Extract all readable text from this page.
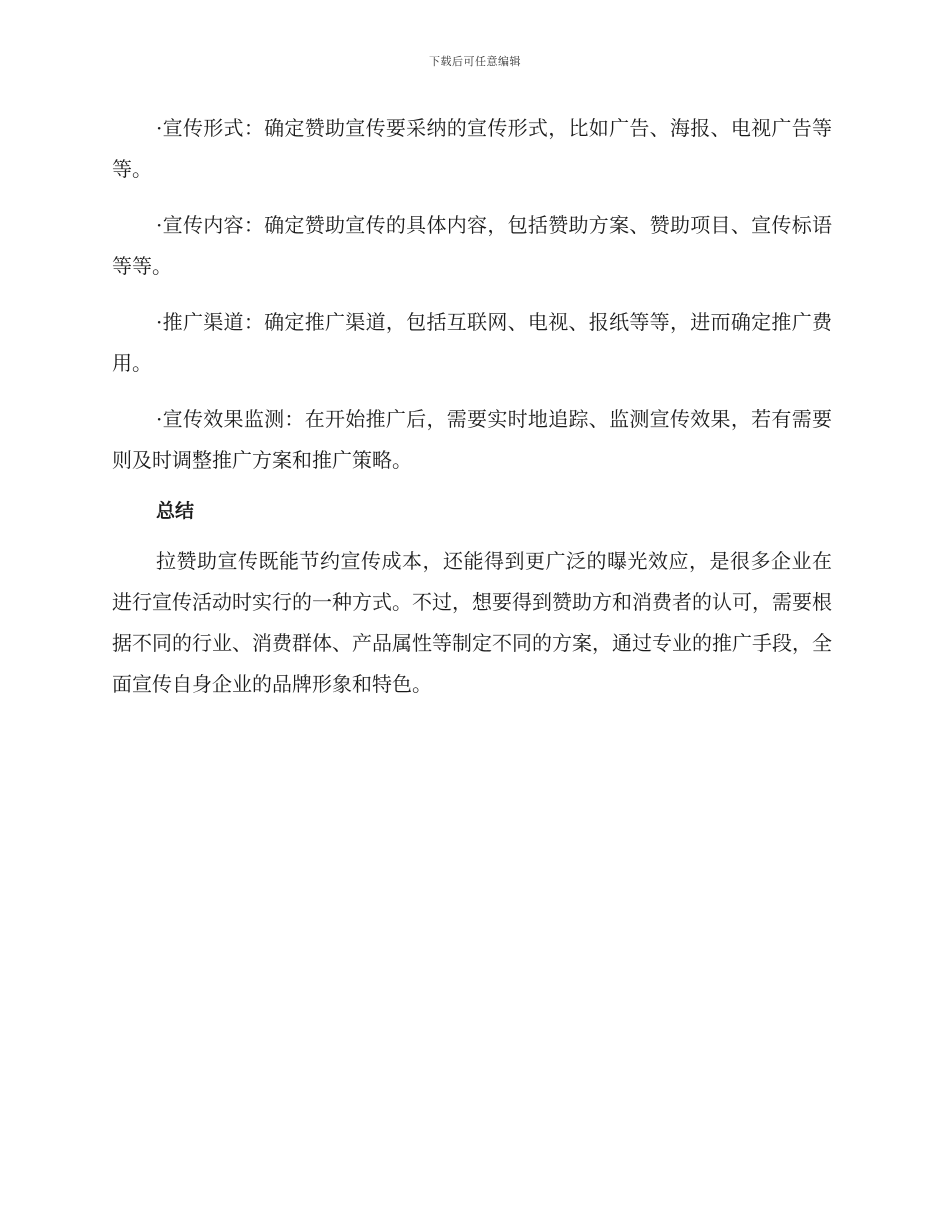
下载后可任意编辑

·宣传形式：确定赞助宣传要采纳的宣传形式，比如广告、海报、电视广告等等。

·宣传内容：确定赞助宣传的具体内容，包括赞助方案、赞助项目、宣传标语等等。

·推广渠道：确定推广渠道，包括互联网、电视、报纸等等，进而确定推广费用。

·宣传效果监测：在开始推广后，需要实时地追踪、监测宣传效果，若有需要则及时调整推广方案和推广策略。

总结

拉赞助宣传既能节约宣传成本，还能得到更广泛的曝光效应，是很多企业在进行宣传活动时实行的一种方式。不过，想要得到赞助方和消费者的认可，需要根据不同的行业、消费群体、产品属性等制定不同的方案，通过专业的推广手段，全面宣传自身企业的品牌形象和特色。
